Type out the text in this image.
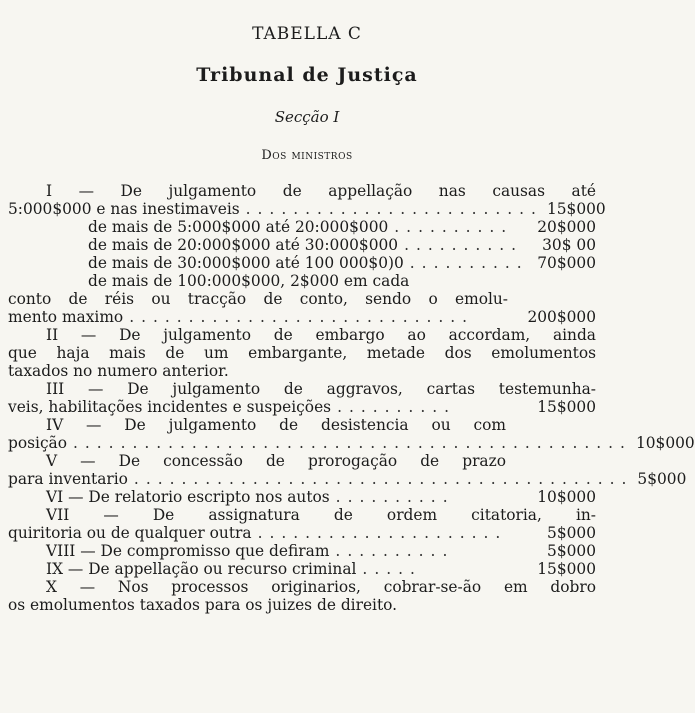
TABELLA C
Tribunal de Justiça
Secção I
Dos ministros
I — De julgamento de appellação nas causas até
5:000$000 e nas inestimaveis ......................... 15$000
de mais de 5:000$000 até 20:000$000 ..........	20$000
de mais de 20:000$000 até 30:000$000 ..........	30$ 00
de mais de 30:000$000 até 100 000$0)0 .......... 70$000
de mais de 100:000$000, 2$000 em cada
conto de réis ou tracção de conto, sendo o emolu-
mento maximo .............................	200$000
II — De julgamento de embargo ao accordam, ainda
que haja mais de um embargante, metade dos emolumentos
taxados no numero anterior.
III — De julgamento de aggravos, cartas testemunha-
veis, habilitações incidentes e suspeições ..........	15$000
IV — De julgamento de desistencia ou com
posição ............................................... 10$000
V — De concessão de prorogação de prazo
para inventario .......................................... 5$000
VI — De relatorio escripto nos autos ..........	10$000
VII — De assignatura de ordem citatoria, in-
quiritoria ou de qualquer outra .....................	5$000
VIII — De compromisso que defiram ..........	5$000
IX — De appellação ou recurso criminal .....	15$000
X — Nos processos originarios, cobrar-se-ão em dobro
os emolumentos taxados para os juizes de direito.
